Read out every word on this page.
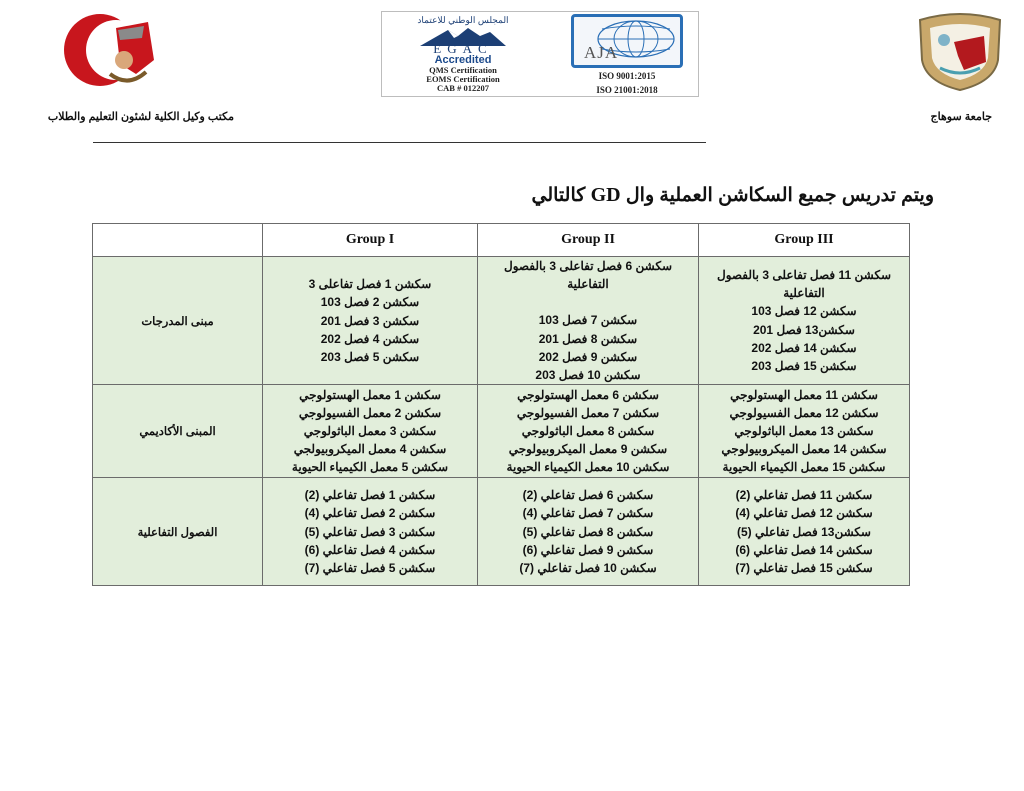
المجلس الوطني للاعتماد
EGAC
Accredited
QMS Certification
EOMS Certification
CAB # 012207
AJA
ISO 9001:2015
ISO 21001:2018
مكتب وكيل الكلية لشئون التعليم والطلاب	جامعة سوهاج
ويتم تدريس جميع السكاشن العملية وال GD كالتالي
	Group I	Group II	Group III
مبنى المدرجات	سكشن 1 فصل تفاعلى 3
سكشن 2 فصل 103
سكشن 3 فصل 201
سكشن 4 فصل 202
سكشن 5 فصل 203	سكشن 6 فصل تفاعلى 3 بالفصول التفاعلية
سكشن 7 فصل 103
سكشن 8 فصل 201
سكشن 9 فصل 202
سكشن 10 فصل 203	سكشن 11 فصل تفاعلى 3 بالفصول التفاعلية
سكشن 12 فصل 103
سكشن13 فصل 201
سكشن 14 فصل 202
سكشن 15 فصل 203

المبنى الأكاديمي	سكشن 1 معمل الهستولوجي
سكشن 2 معمل الفسيولوجي
سكشن 3 معمل الباثولوجي
سكشن 4 معمل الميكروبيولجي
سكشن 5 معمل الكيمياء الحيوية	سكشن 6 معمل الهستولوجي
سكشن 7 معمل الفسيولوجي
سكشن 8 معمل الباثولوجي
سكشن 9 معمل الميكروبيولوجي
سكشن 10 معمل الكيمياء الحيوية	سكشن 11 معمل الهستولوجي
سكشن 12 معمل الفسيولوجي
سكشن 13 معمل الباثولوجي
سكشن 14 معمل الميكروبيولوجي
سكشن 15 معمل الكيمياء الحيوية

الفصول التفاعلية	سكشن 1 فصل تفاعلي (2)
سكشن 2 فصل تفاعلي (4)
سكشن 3 فصل تفاعلي (5)
سكشن 4 فصل تفاعلي (6)
سكشن 5 فصل تفاعلي (7)	سكشن 6 فصل تفاعلي (2)
سكشن 7 فصل تفاعلي (4)
سكشن 8 فصل تفاعلي (5)
سكشن 9 فصل تفاعلي (6)
سكشن 10 فصل تفاعلي (7)	سكشن 11 فصل تفاعلي (2)
سكشن 12 فصل تفاعلي (4)
سكشن13 فصل تفاعلي (5)
سكشن 14 فصل تفاعلي (6)
سكشن 15 فصل تفاعلي (7)
